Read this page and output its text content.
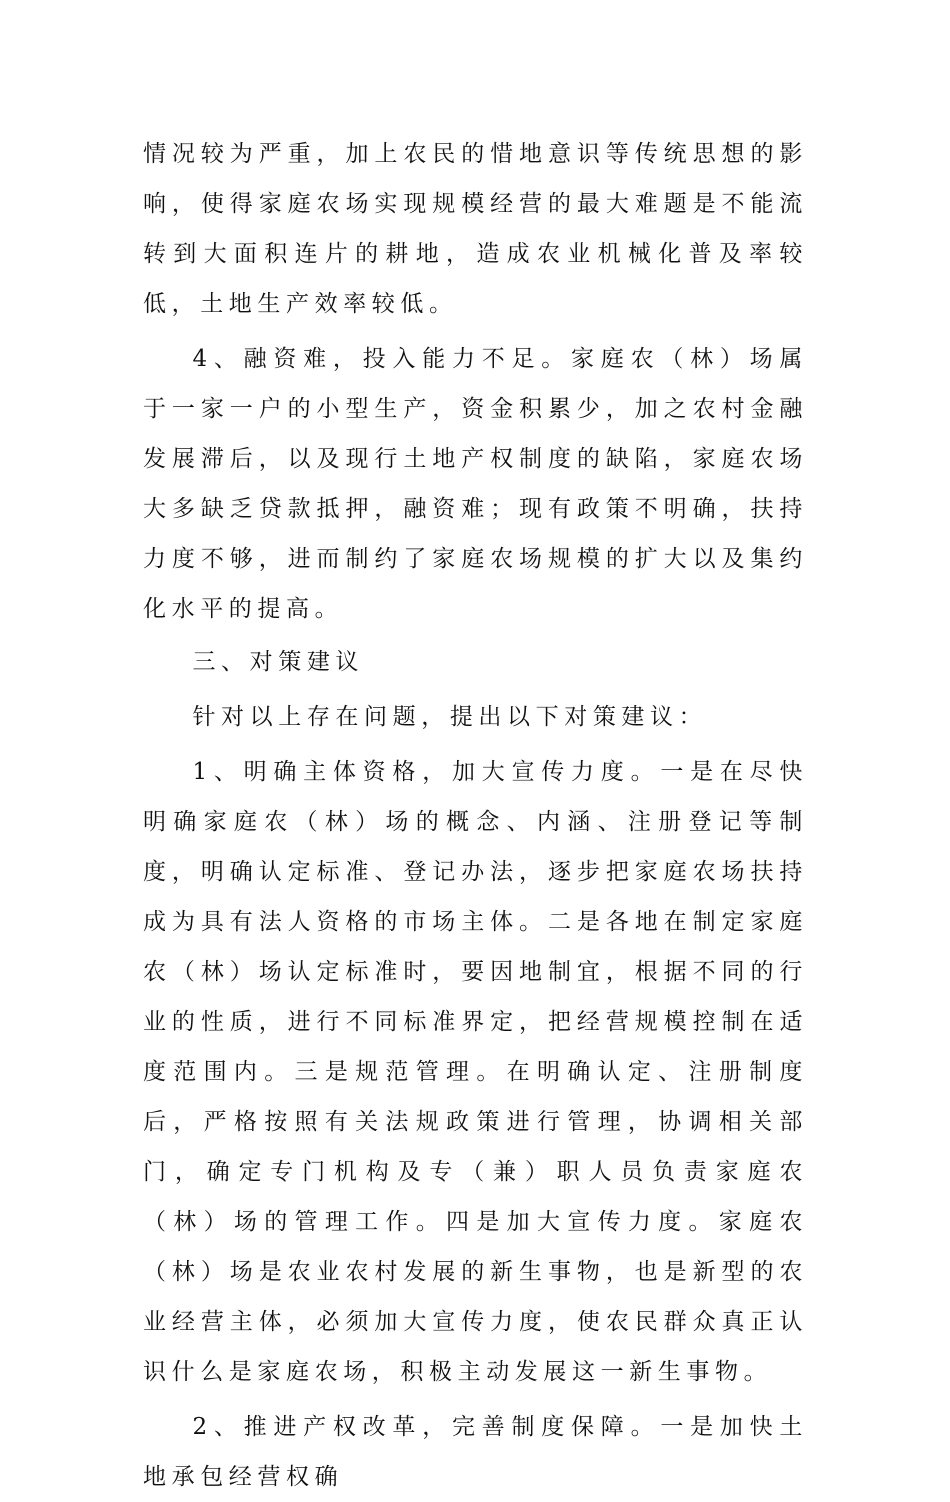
情况较为严重，加上农民的惜地意识等传统思想的影响，使得家庭农场实现规模经营的最大难题是不能流转到大面积连片的耕地，造成农业机械化普及率较低，土地生产效率较低。

4、融资难，投入能力不足。家庭农（林）场属于一家一户的小型生产，资金积累少，加之农村金融发展滞后，以及现行土地产权制度的缺陷，家庭农场大多缺乏贷款抵押，融资难；现有政策不明确，扶持力度不够，进而制约了家庭农场规模的扩大以及集约化水平的提高。

三、对策建议

针对以上存在问题，提出以下对策建议：

1、明确主体资格，加大宣传力度。一是在尽快明确家庭农（林）场的概念、内涵、注册登记等制度，明确认定标准、登记办法，逐步把家庭农场扶持成为具有法人资格的市场主体。二是各地在制定家庭农（林）场认定标准时，要因地制宜，根据不同的行业的性质，进行不同标准界定，把经营规模控制在适度范围内。三是规范管理。在明确认定、注册制度后，严格按照有关法规政策进行管理，协调相关部门，确定专门机构及专（兼）职人员负责家庭农（林）场的管理工作。四是加大宣传力度。家庭农（林）场是农业农村发展的新生事物，也是新型的农业经营主体，必须加大宣传力度，使农民群众真正认识什么是家庭农场，积极主动发展这一新生事物。

2、推进产权改革，完善制度保障。一是加快土地承包经营权确
